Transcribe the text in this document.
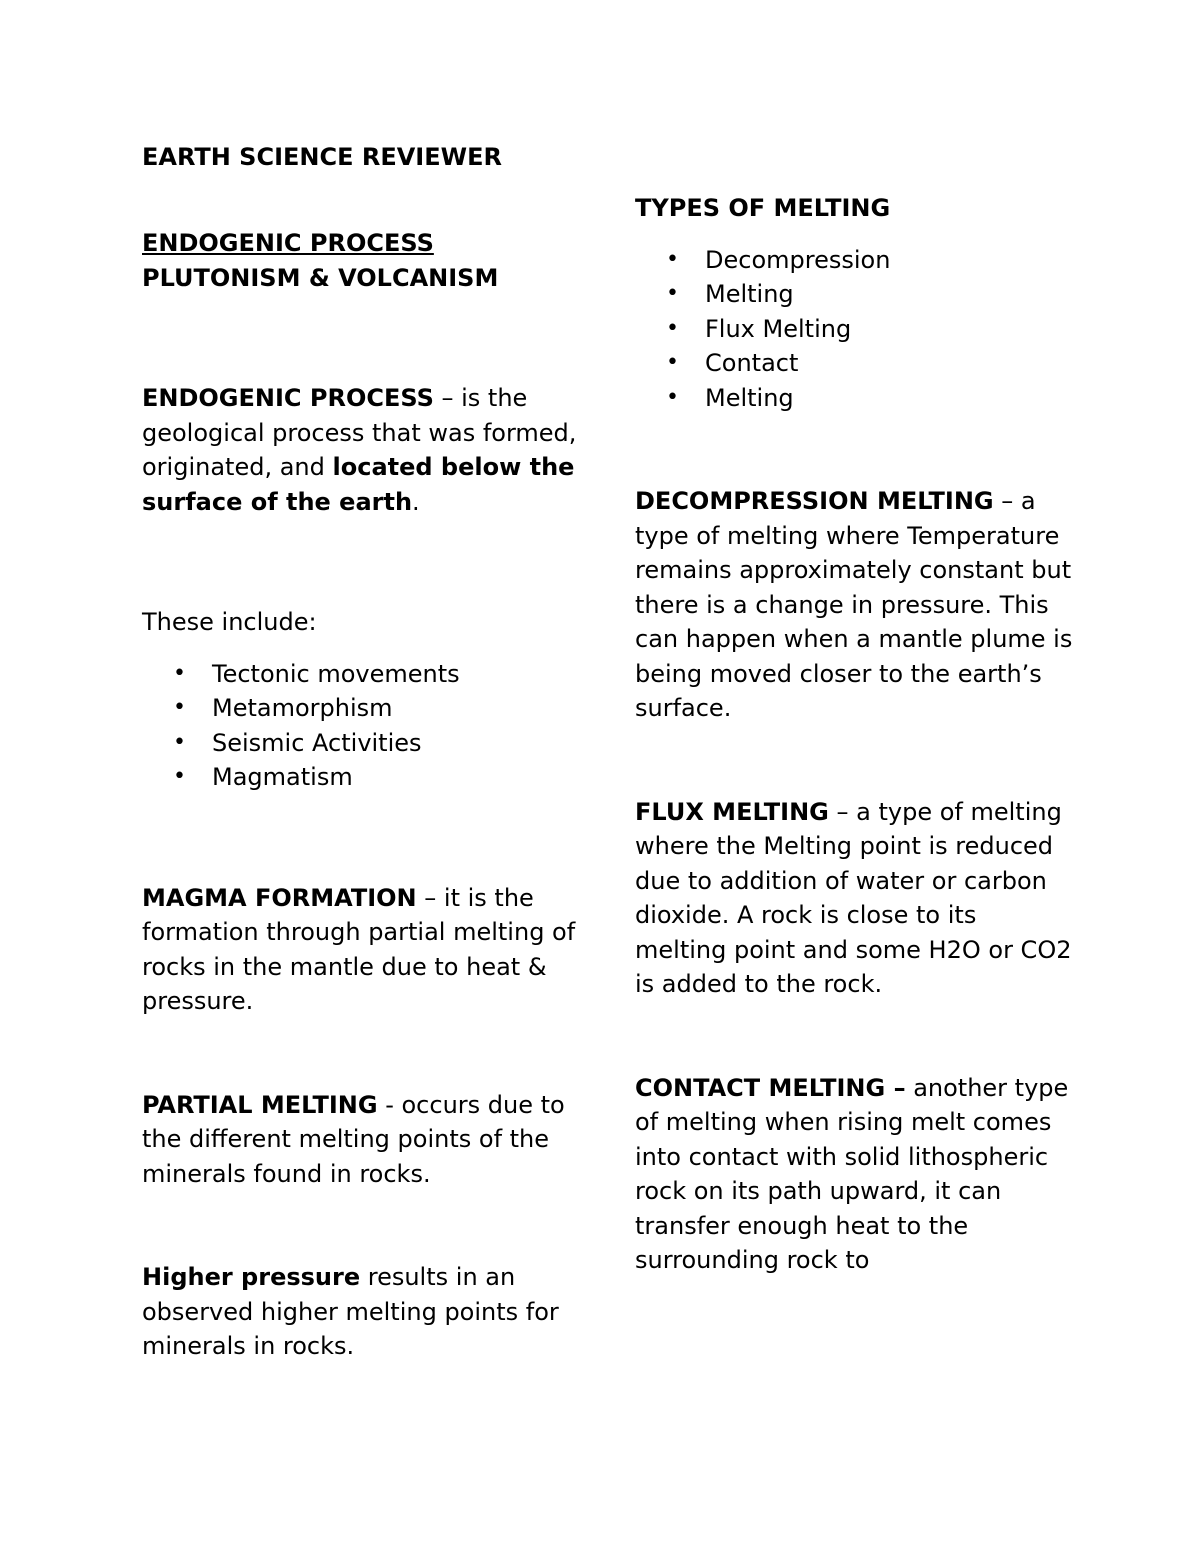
EARTH SCIENCE REVIEWER

ENDOGENIC PROCESS

PLUTONISM & VOLCANISM

ENDOGENIC PROCESS – is the geological process that was formed, originated, and located below the surface of the earth.

These include:

• Tectonic movements
• Metamorphism
• Seismic Activities
• Magmatism

MAGMA FORMATION – it is the formation through partial melting of rocks in the mantle due to heat & pressure.

PARTIAL MELTING - occurs due to the different melting points of the minerals found in rocks.

Higher pressure results in an observed higher melting points for minerals in rocks.

TYPES OF MELTING

• Decompression
• Melting
• Flux Melting
• Contact
• Melting

DECOMPRESSION MELTING – a type of melting where Temperature remains approximately constant but there is a change in pressure. This can happen when a mantle plume is being moved closer to the earth’s surface.

FLUX MELTING – a type of melting where the Melting point is reduced due to addition of water or carbon dioxide. A rock is close to its melting point and some H2O or CO2 is added to the rock.

CONTACT MELTING – another type of melting when rising melt comes into contact with solid lithospheric rock on its path upward, it can transfer enough heat to the surrounding rock to
